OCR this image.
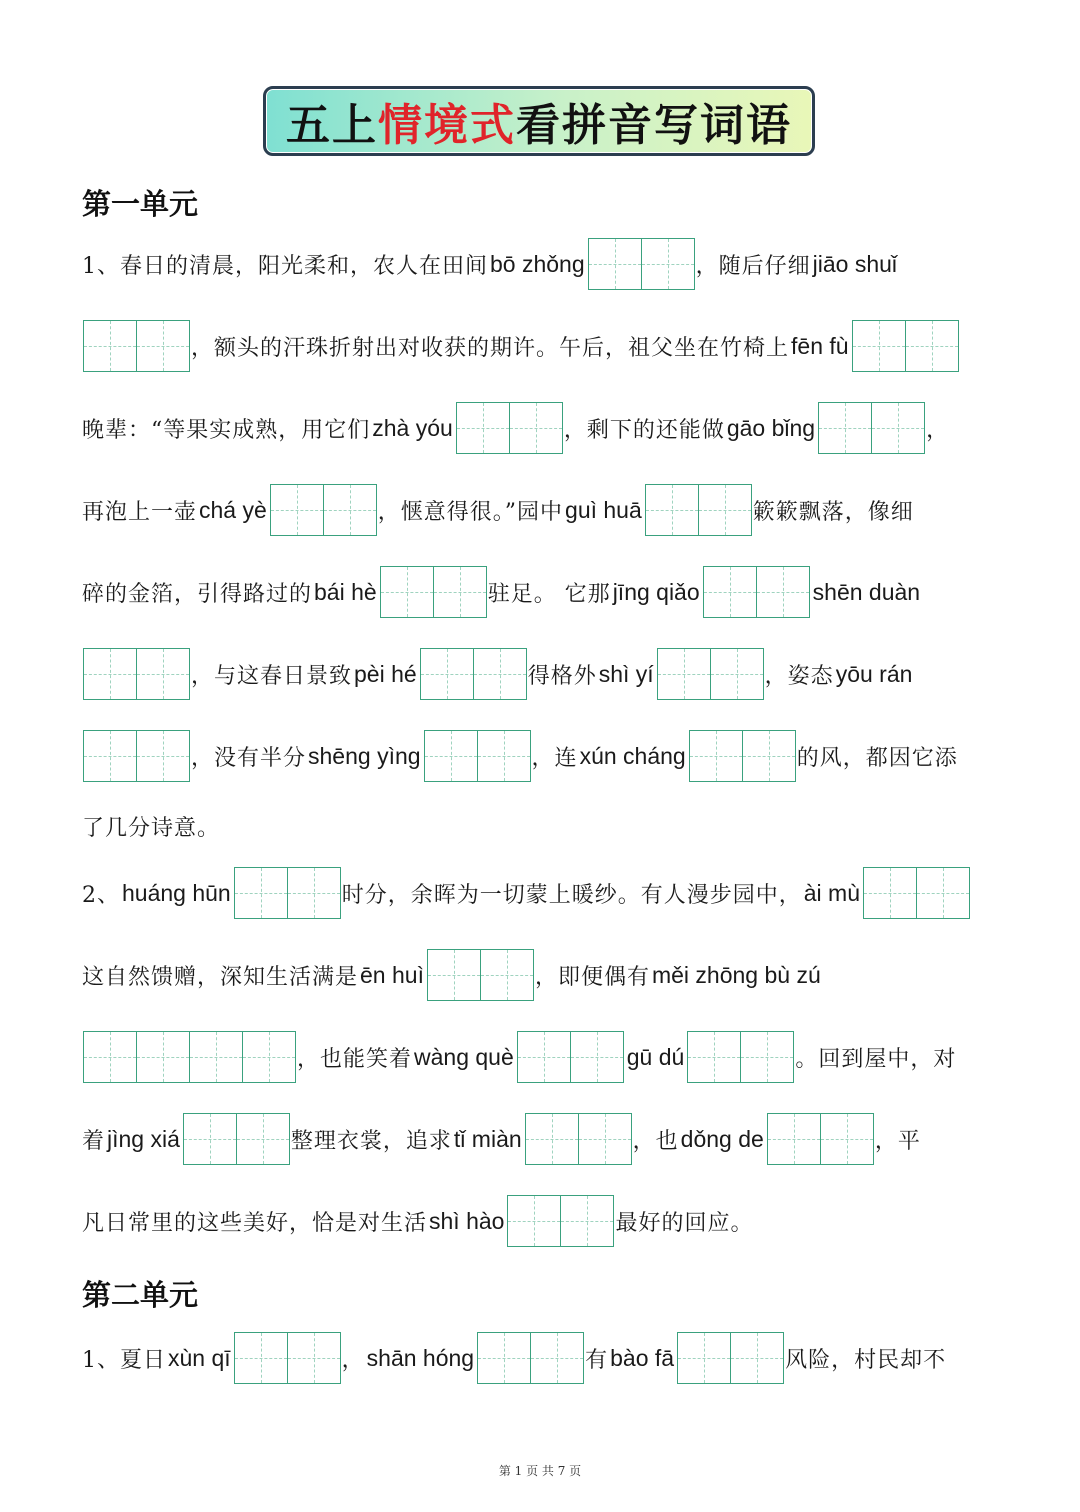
五上情境式看拼音写词语
第一单元
第二单元
1、春日的清晨，阳光柔和，农人在田间 bō zhǒng	，随后仔细 jiāo shuǐ
，额头的汗珠折射出对收获的期许。午后，祖父坐在竹椅上 fēn fù
晚辈：“等果实成熟，用它们 zhà yóu	，剩下的还能做 gāo bǐng	，
再泡上一壶 chá yè	，惬意得很。”园中 guì huā	簌簌飘落，像细
碎的金箔，引得路过的 bái hè	驻足。 它那 jīng qiǎo	shēn duàn
，与这春日景致 pèi hé	得格外 shì yí	，姿态 yōu rán
，没有半分 shēng yìng	，连 xún cháng	的风，都因它添
了几分诗意。
2、 huáng hūn	时分，余晖为一切蒙上暖纱。有人漫步园中， ài mù
这自然馈赠，深知生活满是 ēn huì	，即便偶有 měi zhōng bù zú
，也能笑着 wàng què	gū dú	。回到屋中，对
着 jìng xiá	整理衣裳，追求 tǐ miàn	，也 dǒng de	，平
凡日常里的这些美好，恰是对生活 shì hào	最好的回应。
1、夏日 xùn qī	， shān hóng	有 bào fā	风险，村民却不
第 1 页 共 7 页
